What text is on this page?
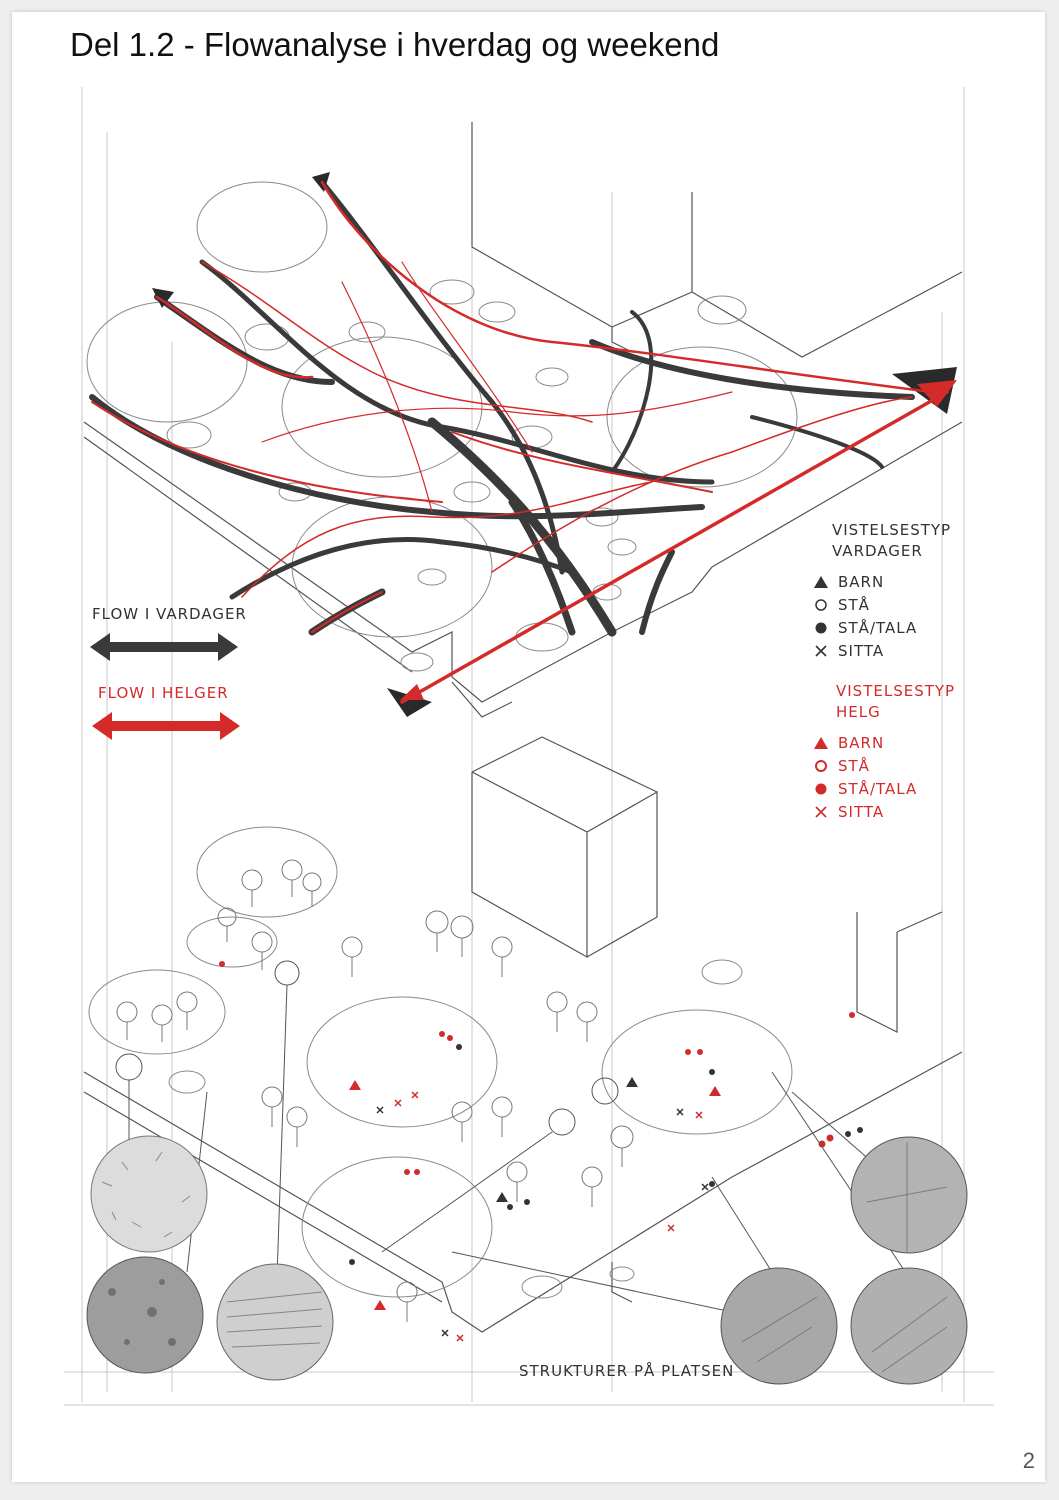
Del 1.2 - Flowanalyse i hverdag og weekend
STRUKTURER PÅ PLATSEN
FLOW I VARDAGER
FLOW I HELGER
VISTELSESTYP
VARDAGER
BARN
STÅ
STÅ/TALA
SITTA
VISTELSESTYP
HELG
BARN
STÅ
STÅ/TALA
SITTA
2
